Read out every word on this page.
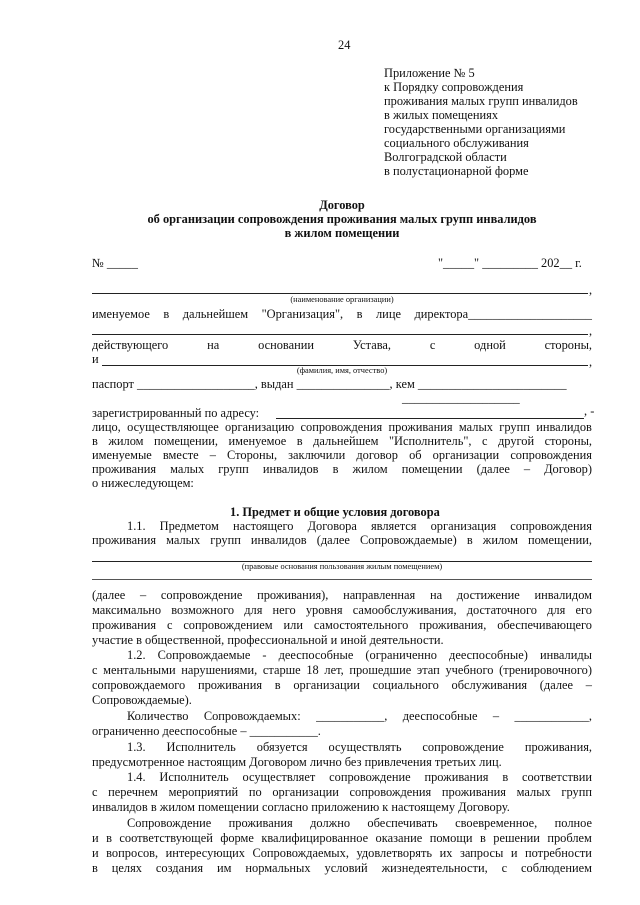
24
Приложение № 5
к Порядку сопровождения
проживания малых групп инвалидов
в жилых помещениях
государственными организациями
социального обслуживания
Волгоградской области
в полустационарной форме
Договор
об организации сопровождения проживания малых групп инвалидов
в жилом помещении
№ _____	"_____" _________ 202__ г.
,
(наименование организации)
именуемое в дальнейшем "Организация", в лице директора____________________
,
действующего	на	основании	Устава,	с	одной	стороны,
и	,
(фамилия, имя, отчество)
паспорт ___________________, выдан _______________, кем ________________________
___________________
зарегистрированный по адресу:	, -
лицо, осуществляющее организацию сопровождения проживания малых групп инвалидов
в жилом помещении, именуемое в дальнейшем "Исполнитель", с другой стороны,
именуемые вместе – Стороны, заключили договор об организации сопровождения
проживания малых групп инвалидов в жилом помещении (далее – Договор)
о нижеследующем:
1. Предмет и общие условия договора
1.1. Предметом настоящего Договора является организация сопровождения
проживания малых групп инвалидов (далее Сопровождаемые) в жилом помещении,
(правовые основания пользования жилым помещением)
(далее – сопровождение проживания), направленная на достижение инвалидом
максимально возможного для него уровня самообслуживания, достаточного для его
проживания с сопровождением или самостоятельного проживания, обеспечивающего
участие в общественной, профессиональной и иной деятельности.
1.2. Сопровождаемые - дееспособные (ограниченно дееспособные) инвалиды
с ментальными нарушениями, старше 18 лет, прошедшие этап учебного (тренировочного)
сопровождаемого проживания в организации социального обслуживания (далее –
Сопровождаемые).
Количество Сопровождаемых: ___________, дееспособные – ____________,
ограниченно дееспособные – ___________.
1.3. Исполнитель обязуется осуществлять сопровождение проживания,
предусмотренное настоящим Договором лично без привлечения третьих лиц.
1.4. Исполнитель осуществляет сопровождение проживания в соответствии
с перечнем мероприятий по организации сопровождения проживания малых групп
инвалидов в жилом помещении согласно приложению к настоящему Договору.
Сопровождение проживания должно обеспечивать своевременное, полное
и в соответствующей форме квалифицированное оказание помощи в решении проблем
и вопросов, интересующих Сопровождаемых, удовлетворять их запросы и потребности
в целях создания им нормальных условий жизнедеятельности, с соблюдением
